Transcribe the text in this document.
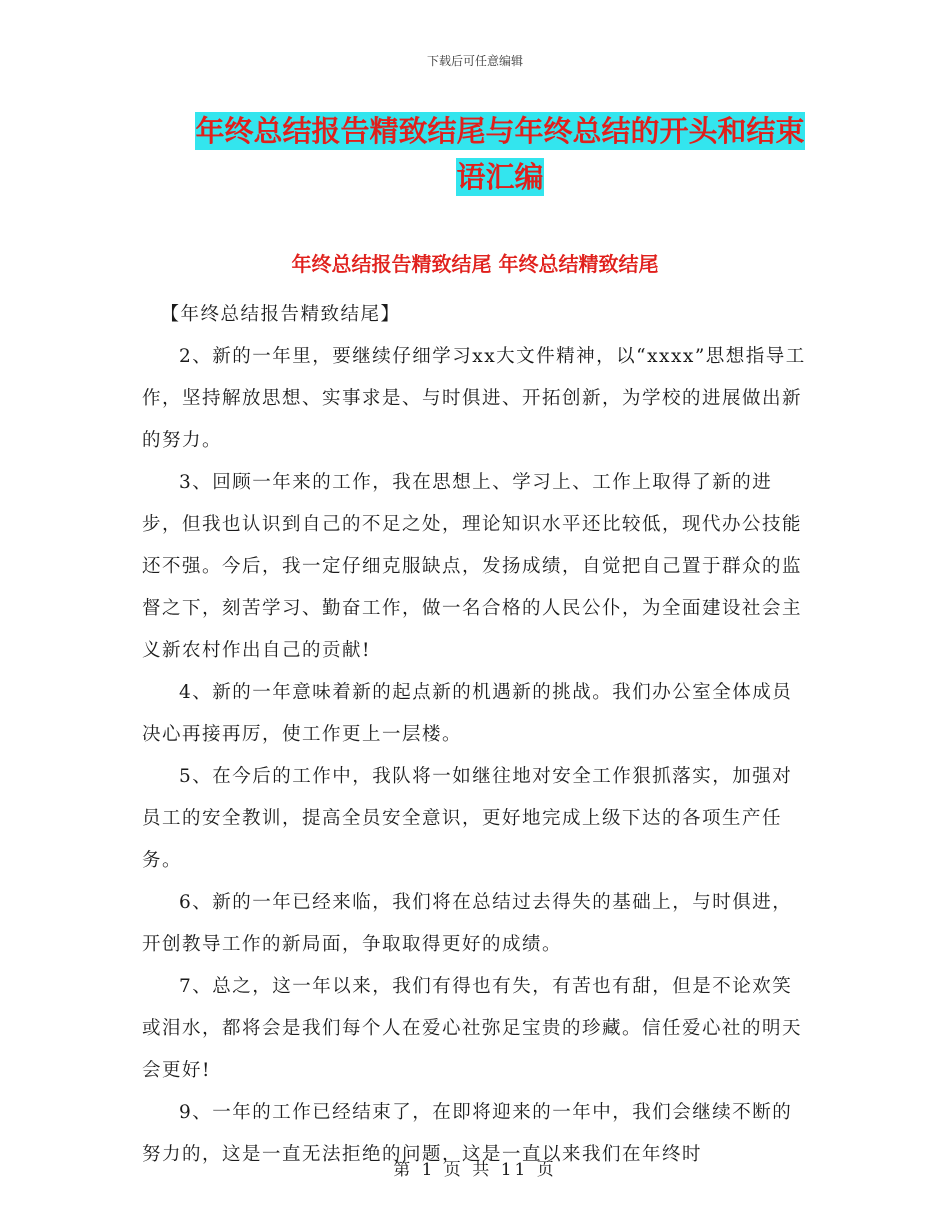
下载后可任意编辑
年终总结报告精致结尾与年终总结的开头和结束语汇编
年终总结报告精致结尾 年终总结精致结尾

【年终总结报告精致结尾】

2、新的一年里，要继续仔细学习xx大文件精神，以“xxxx”思想指导工作，坚持解放思想、实事求是、与时俱进、开拓创新，为学校的进展做出新的努力。

3、回顾一年来的工作，我在思想上、学习上、工作上取得了新的进步，但我也认识到自己的不足之处，理论知识水平还比较低，现代办公技能还不强。今后，我一定仔细克服缺点，发扬成绩，自觉把自己置于群众的监督之下，刻苦学习、勤奋工作，做一名合格的人民公仆，为全面建设社会主义新农村作出自己的贡献!

4、新的一年意味着新的起点新的机遇新的挑战。我们办公室全体成员决心再接再厉，使工作更上一层楼。

5、在今后的工作中，我队将一如继往地对安全工作狠抓落实，加强对员工的安全教训，提高全员安全意识，更好地完成上级下达的各项生产任务。

6、新的一年已经来临，我们将在总结过去得失的基础上，与时俱进，开创教导工作的新局面，争取取得更好的成绩。

7、总之，这一年以来，我们有得也有失，有苦也有甜，但是不论欢笑或泪水，都将会是我们每个人在爱心社弥足宝贵的珍藏。信任爱心社的明天会更好!

9、一年的工作已经结束了，在即将迎来的一年中，我们会继续不断的努力的，这是一直无法拒绝的问题，这是一直以来我们在年终时

第 1 页 共 11 页
